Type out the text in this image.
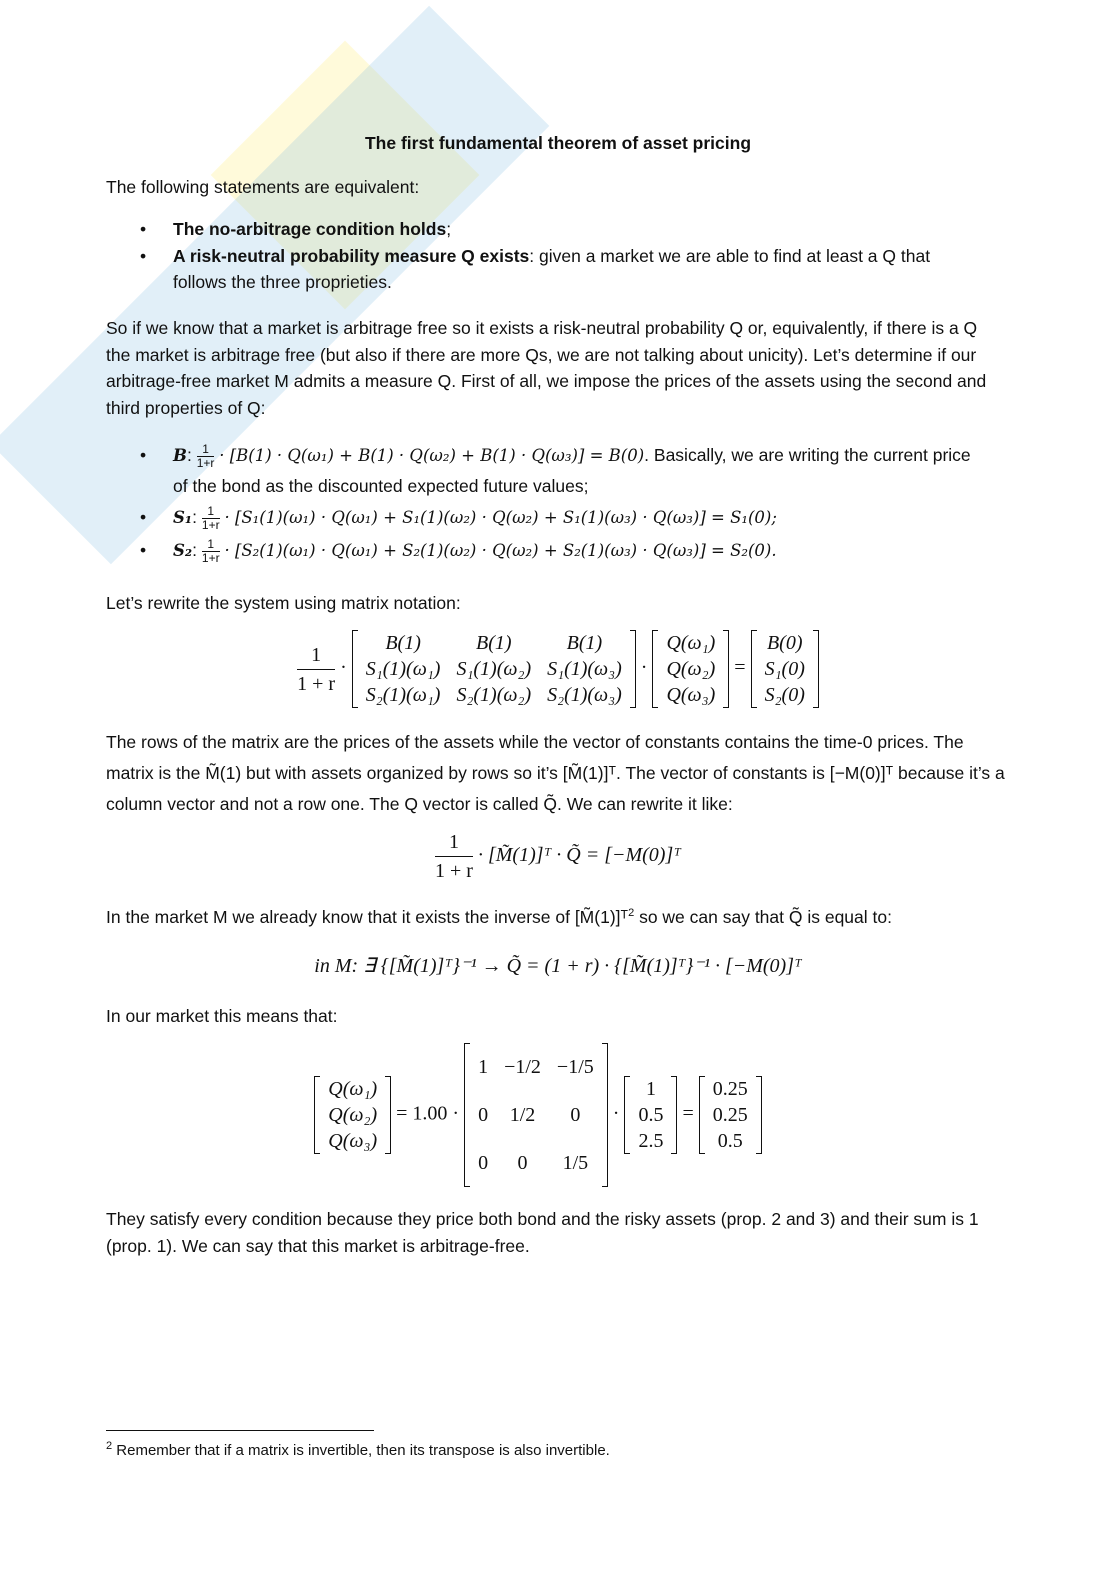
The first fundamental theorem of asset pricing
The following statements are equivalent:
• The no-arbitrage condition holds;
• A risk-neutral probability measure Q exists: given a market we are able to find at least a Q that follows the three proprieties.
So if we know that a market is arbitrage free so it exists a risk-neutral probability Q or, equivalently, if there is a Q the market is arbitrage free (but also if there are more Qs, we are not talking about unicity). Let’s determine if our arbitrage-free market M admits a measure Q. First of all, we impose the prices of the assets using the second and third properties of Q:
• B: $\frac{1}{1+r} \cdot [B(1) \cdot Q(\omega_1) + B(1) \cdot Q(\omega_2) + B(1) \cdot Q(\omega_3)] = B(0)$. Basically, we are writing the current price of the bond as the discounted expected future values;
• S₁: $\frac{1}{1+r} \cdot [S_1(1)(\omega_1) \cdot Q(\omega_1) + S_1(1)(\omega_2) \cdot Q(\omega_2) + S_1(1)(\omega_3) \cdot Q(\omega_3)] = S_1(0)$;
• S₂: $\frac{1}{1+r} \cdot [S_2(1)(\omega_1) \cdot Q(\omega_1) + S_2(1)(\omega_2) \cdot Q(\omega_2) + S_2(1)(\omega_3) \cdot Q(\omega_3)] = S_2(0)$.
Let’s rewrite the system using matrix notation:
$\frac{1}{1 + r}$ ·
B(1)	B(1)	B(1)
S₁(1)(ω₁)	S₁(1)(ω₂)	S₁(1)(ω₃)
S₂(1)(ω₁)	S₂(1)(ω₂)	S₂(1)(ω₃)
·
Q(ω₁)
Q(ω₂)
Q(ω₃)
=
B(0)
S₁(0)
S₂(0)
The rows of the matrix are the prices of the assets while the vector of constants contains the time-0 prices. The matrix is the M̃(1) but with assets organized by rows so it’s [M̃(1)]ᵀ. The vector of constants is [−M(0)]ᵀ because it’s a column vector and not a row one. The Q vector is called Q̃. We can rewrite it like:
$\frac{1}{1 + r}$ · [M̃(1)]ᵀ · Q̃ = [−M(0)]ᵀ
In the market M we already know that it exists the inverse of [M̃(1)]ᵀ$^2$ so we can say that Q̃ is equal to:
in M: ∃ {[M̃(1)]ᵀ}⁻¹ → Q̃ = (1 + r) · {[M̃(1)]ᵀ}⁻¹ · [−M(0)]ᵀ
In our market this means that:
Q(ω₁)
Q(ω₂)
Q(ω₃)
= 1.00 ·
1	−1/2	−1/5
0	1/2	0
0	0	1/5
·
1
0.5
2.5
=
0.25
0.25
0.5
They satisfy every condition because they price both bond and the risky assets (prop. 2 and 3) and their sum is 1 (prop. 1). We can say that this market is arbitrage-free.
$^2$ Remember that if a matrix is invertible, then its transpose is also invertible.
